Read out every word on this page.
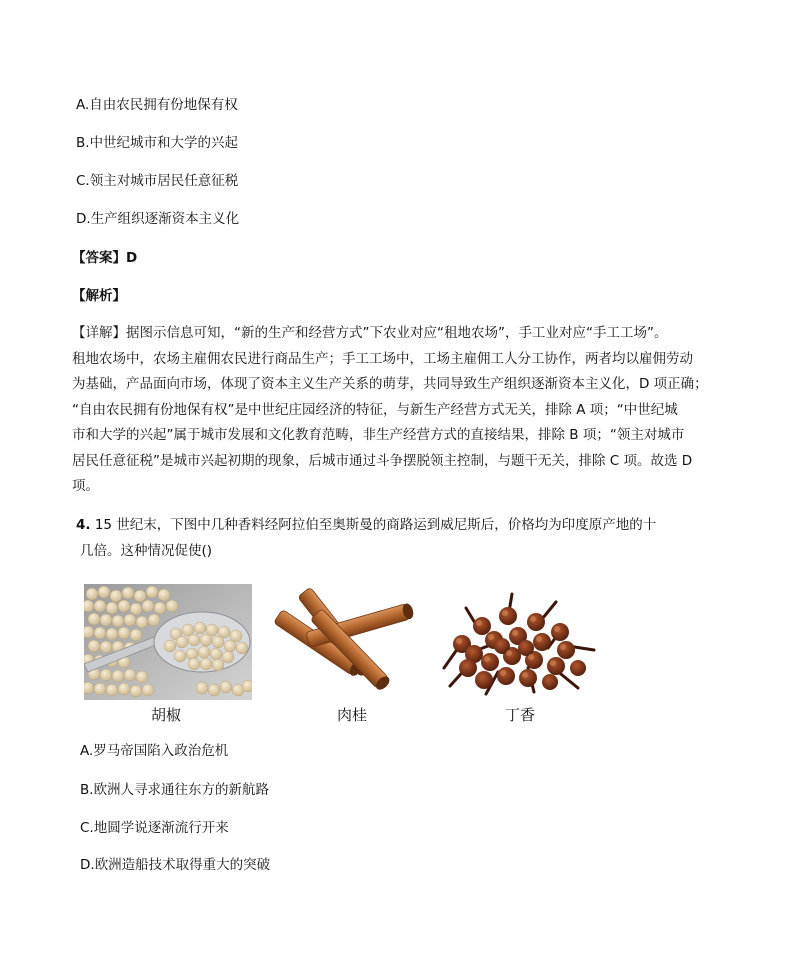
A.自由农民拥有份地保有权
B.中世纪城市和大学的兴起
C.领主对城市居民任意征税
D.生产组织逐渐资本主义化
【答案】D
【解析】
【详解】据图示信息可知，“新的生产和经营方式”下农业对应“租地农场”，手工业对应“手工工场”。
租地农场中，农场主雇佣农民进行商品生产；手工工场中，工场主雇佣工人分工协作，两者均以雇佣劳动
为基础，产品面向市场，体现了资本主义生产关系的萌芽，共同导致生产组织逐渐资本主义化，D 项正确；
“自由农民拥有份地保有权”是中世纪庄园经济的特征，与新生产经营方式无关，排除 A 项；“中世纪城
市和大学的兴起”属于城市发展和文化教育范畴，非生产经营方式的直接结果，排除 B 项；“领主对城市
居民任意征税”是城市兴起初期的现象，后城市通过斗争摆脱领主控制，与题干无关，排除 C 项。故选 D
项。
4. 15 世纪末，下图中几种香料经阿拉伯至奥斯曼的商路运到威尼斯后，价格均为印度原产地的十
几倍。这种情况促使()
胡椒	肉桂	丁香
A.罗马帝国陷入政治危机
B.欧洲人寻求通往东方的新航路
C.地圆学说逐渐流行开来
D.欧洲造船技术取得重大的突破
